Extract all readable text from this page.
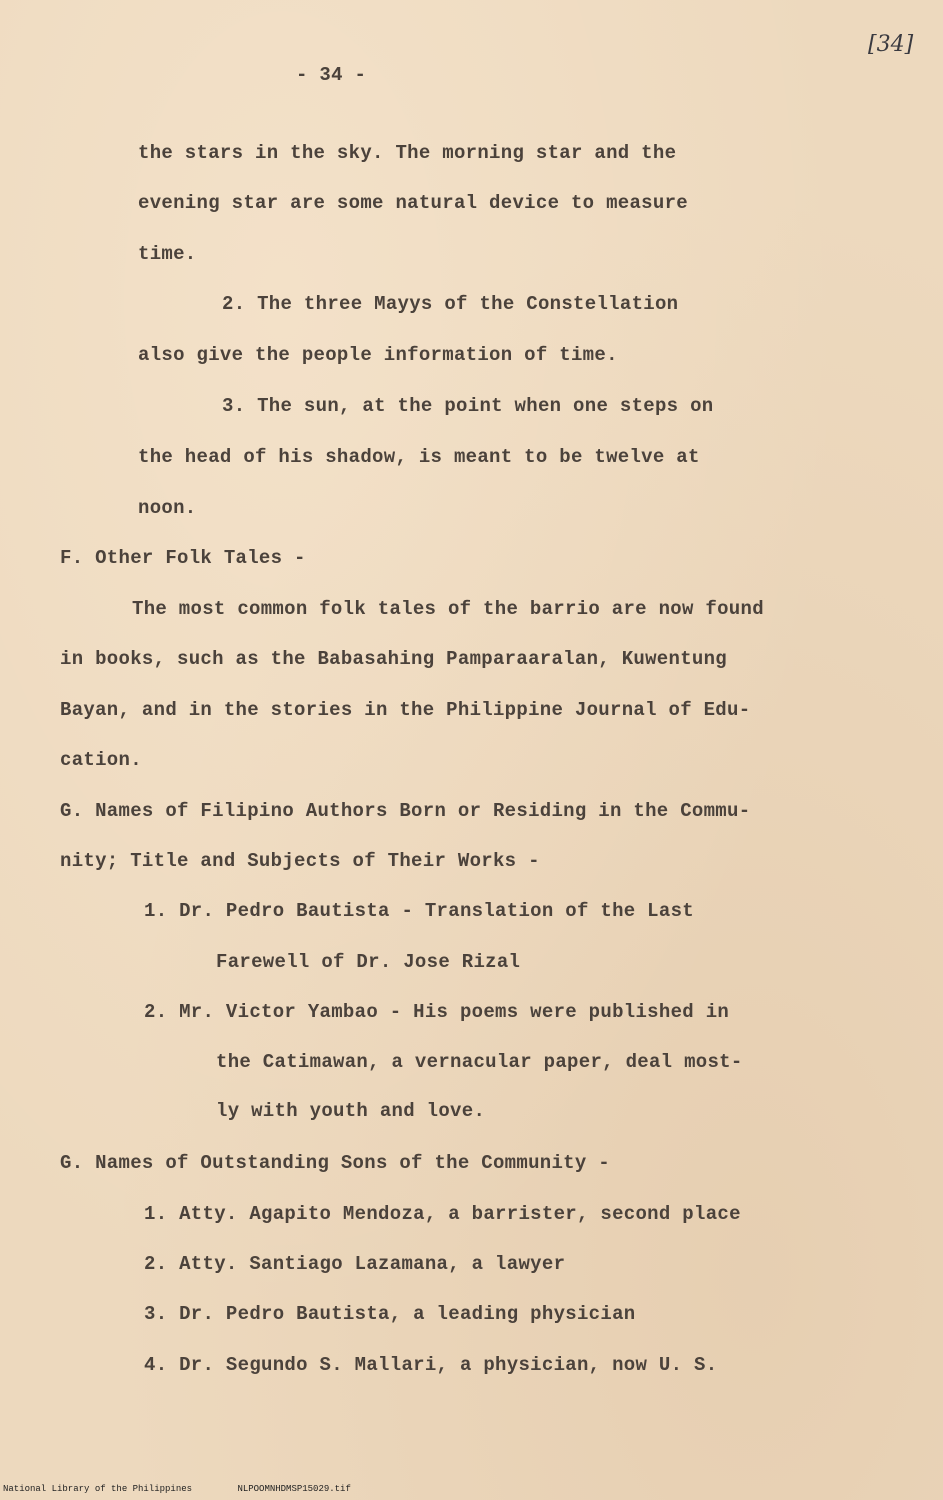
- 34 -
[34]
the stars in the sky. The morning star and the
evening star are some natural device to measure
time.
2. The three Mayys of the Constellation
also give the people information of time.
3. The sun, at the point when one steps on
the head of his shadow, is meant to be twelve at
noon.
F. Other Folk Tales -
The most common folk tales of the barrio are now found
in books, such as the Babasahing Pamparaaralan, Kuwentung
Bayan, and in the stories in the Philippine Journal of Edu-
cation.
G. Names of Filipino Authors Born or Residing in the Commu-
nity; Title and Subjects of Their Works -
1. Dr. Pedro Bautista - Translation of the Last
Farewell of Dr. Jose Rizal
2. Mr. Victor Yambao - His poems were published in
the Catimawan, a vernacular paper, deal most-
ly with youth and love.
G. Names of Outstanding Sons of the Community -
1. Atty. Agapito Mendoza, a barrister, second place
2. Atty. Santiago Lazamana, a lawyer
3. Dr. Pedro Bautista, a leading physician
4. Dr. Segundo S. Mallari, a physician, now U. S.
National Library of the Philippines	NLPOOMNHDMSP15029.tif
